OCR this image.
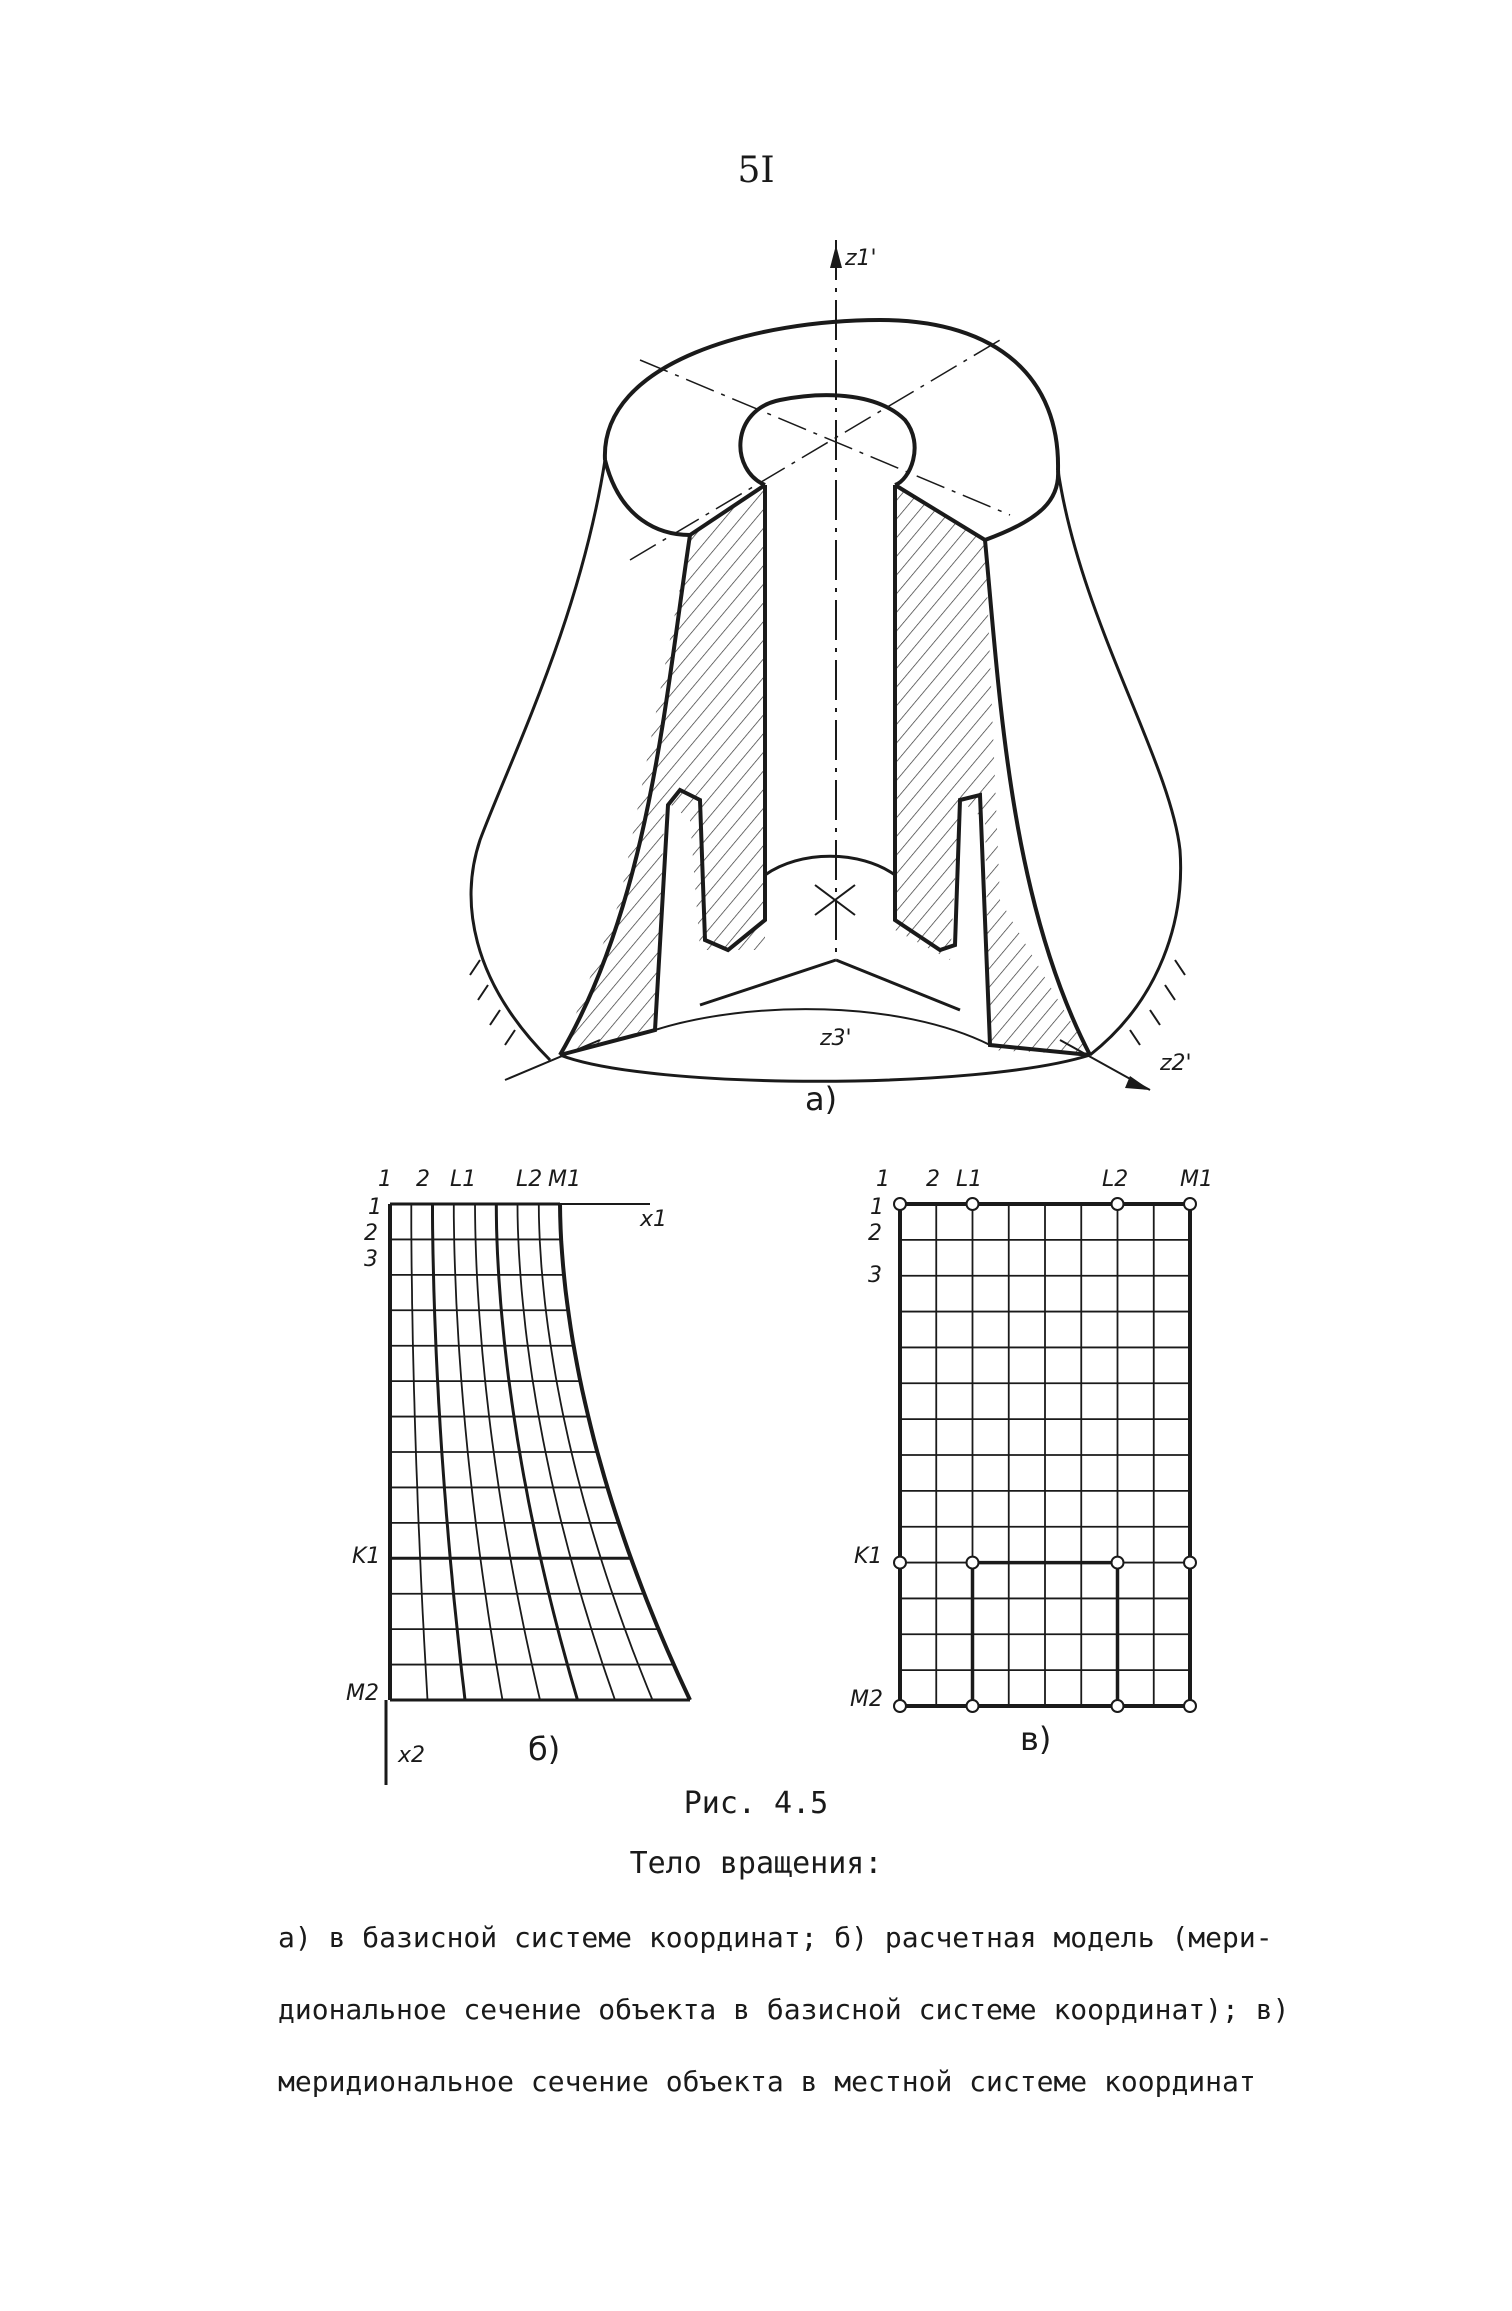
5I
z1'
z2'
z3'
а)
1 2 L1 L2 M1
1
2
3
K1
M2
x1
x2	б)
1 2 L1	L2 M1
1
2
3
K1
M2
в)
Рис. 4.5
Тело вращения:
а) в базисной системе координат; б) расчетная модель (мери-
диональное сечение объекта в базисной системе координат); в)
меридиональное сечение объекта в местной системе координат
